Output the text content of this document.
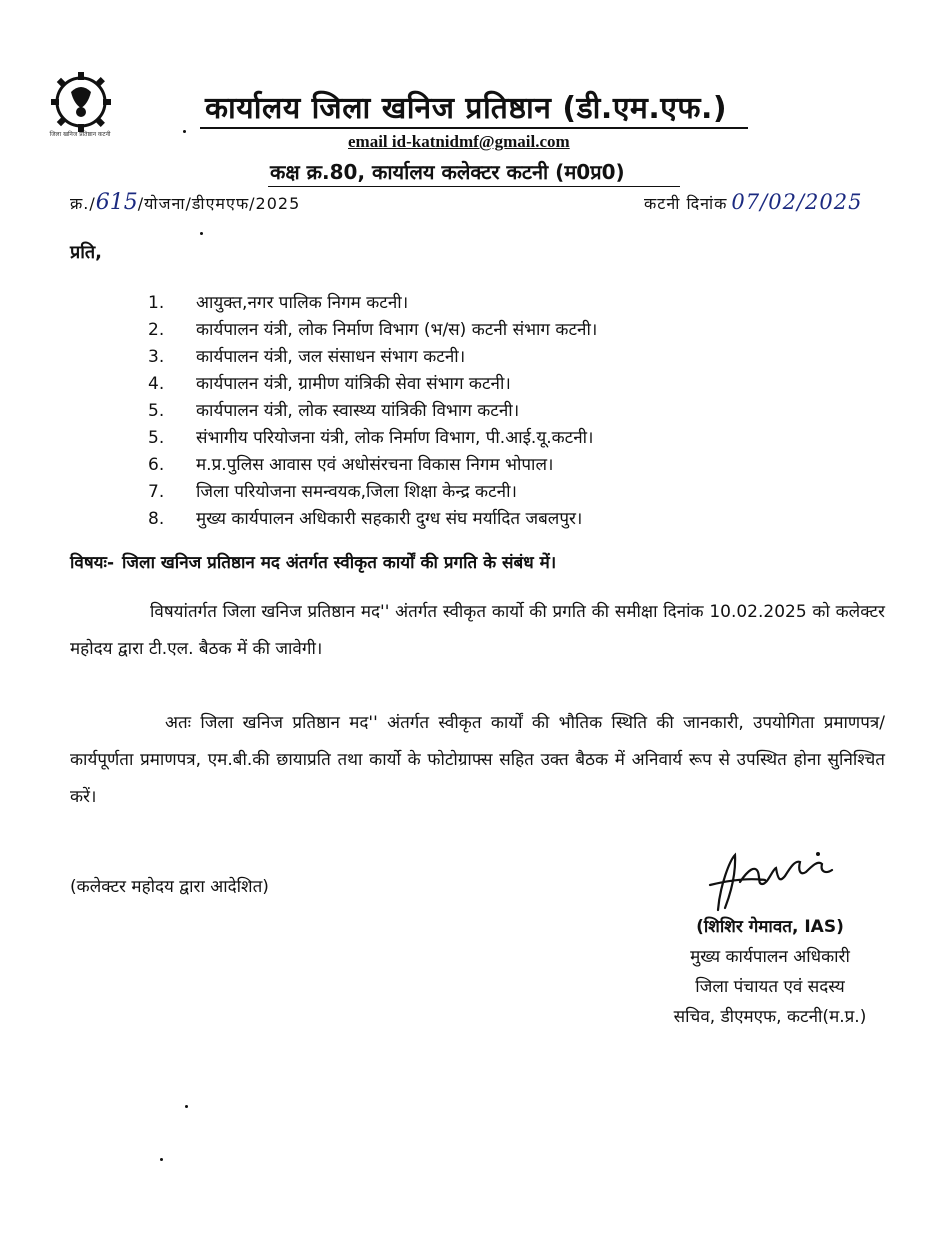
जिला खनिज प्रतिष्ठान कटनी
कार्यालय जिला खनिज प्रतिष्ठान (डी.एम.एफ.)
email id-katnidmf@gmail.com
कक्ष क्र.80, कार्यालय कलेक्टर कटनी (म0प्र0)
क्र./615/योजना/डीएमएफ/2025	कटनी दिनांक 07/02/2025
प्रति,
1. आयुक्त,नगर पालिक निगम कटनी।
2. कार्यपालन यंत्री, लोक निर्माण विभाग (भ/स) कटनी संभाग कटनी।
3. कार्यपालन यंत्री, जल संसाधन संभाग कटनी।
4. कार्यपालन यंत्री, ग्रामीण यांत्रिकी सेवा संभाग कटनी।
5. कार्यपालन यंत्री, लोक स्वास्थ्य यांत्रिकी विभाग कटनी।
5. संभागीय परियोजना यंत्री, लोक निर्माण विभाग, पी.आई.यू.कटनी।
6. म.प्र.पुलिस आवास एवं अधोसंरचना विकास निगम भोपाल।
7. जिला परियोजना समन्वयक,जिला शिक्षा केन्द्र कटनी।
8. मुख्य कार्यपालन अधिकारी सहकारी दुग्ध संघ मर्यादित जबलपुर।
विषयः- जिला खनिज प्रतिष्ठान मद अंतर्गत स्वीकृत कार्यों की प्रगति के संबंध में।
विषयांतर्गत जिला खनिज प्रतिष्ठान मद'' अंतर्गत स्वीकृत कार्यो की प्रगति की समीक्षा दिनांक 10.02.2025 को कलेक्टर महोदय द्वारा टी.एल. बैठक में की जावेगी।
अतः जिला खनिज प्रतिष्ठान मद'' अंतर्गत स्वीकृत कार्यों की भौतिक स्थिति की जानकारी, उपयोगिता प्रमाणपत्र/कार्यपूर्णता प्रमाणपत्र, एम.बी.की छायाप्रति तथा कार्यो के फोटोग्राफ्स सहित उक्त बैठक में अनिवार्य रूप से उपस्थित होना सुनिश्चित करें।
(कलेक्टर महोदय द्वारा आदेशित)
(शिशिर गेमावत, IAS)
मुख्य कार्यपालन अधिकारी
जिला पंचायत एवं सदस्य
सचिव, डीएमएफ, कटनी(म.प्र.)
